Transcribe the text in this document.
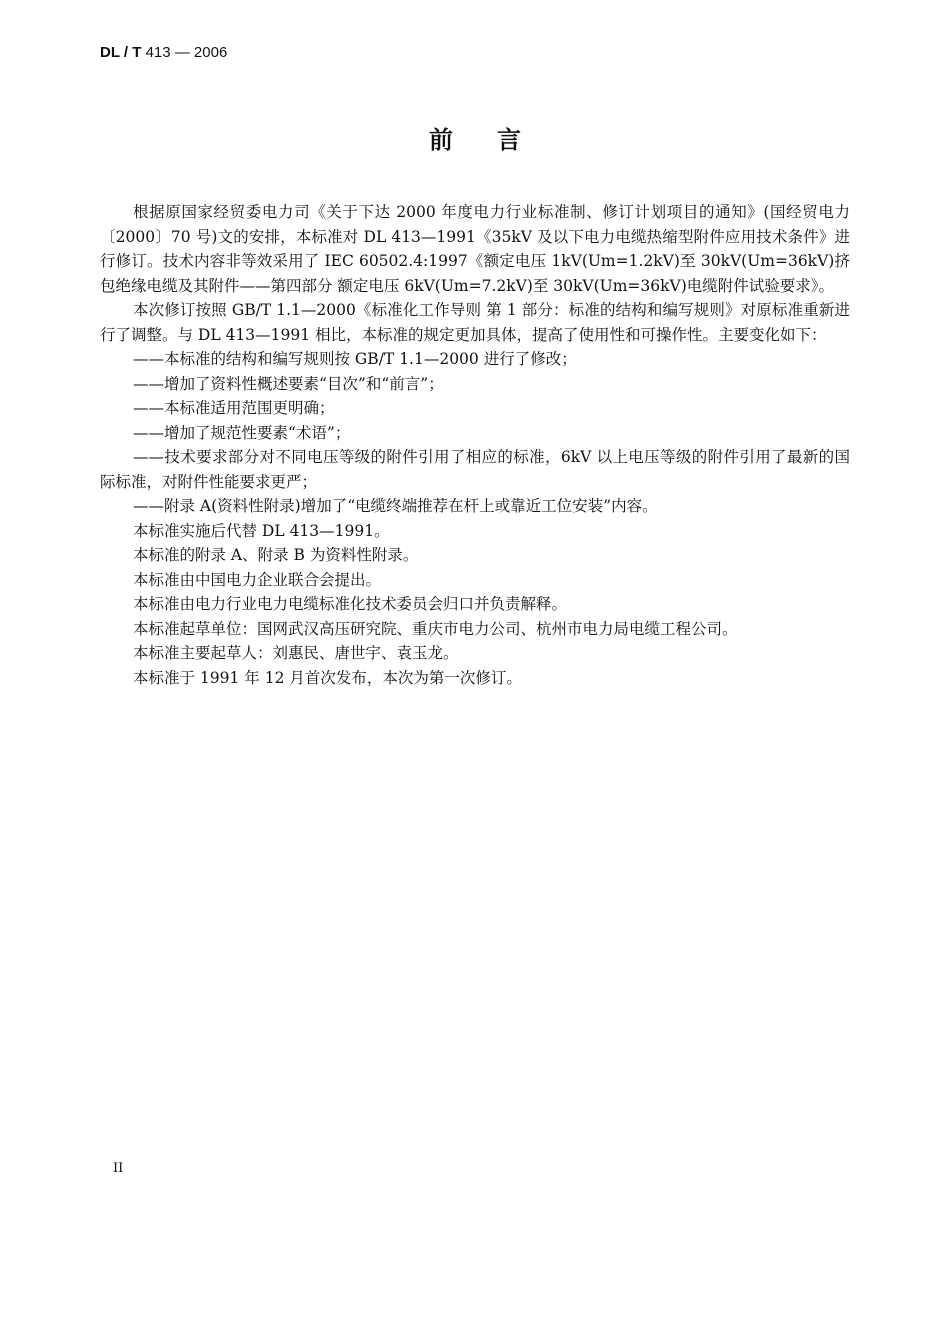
DL / T 413 — 2006
前言

根据原国家经贸委电力司《关于下达 2000 年度电力行业标准制、修订计划项目的通知》(国经贸电力〔2000〕70 号)文的安排，本标准对 DL 413—1991《35kV 及以下电力电缆热缩型附件应用技术条件》进行修订。技术内容非等效采用了 IEC 60502.4:1997《额定电压 1kV(Um=1.2kV)至 30kV(Um=36kV)挤包绝缘电缆及其附件——第四部分 额定电压 6kV(Um=7.2kV)至 30kV(Um=36kV)电缆附件试验要求》。

本次修订按照 GB/T 1.1—2000《标准化工作导则 第 1 部分：标准的结构和编写规则》对原标准重新进行了调整。与 DL 413—1991 相比，本标准的规定更加具体，提高了使用性和可操作性。主要变化如下：

——本标准的结构和编写规则按 GB/T 1.1—2000 进行了修改；

——增加了资料性概述要素“目次”和“前言”；

——本标准适用范围更明确；

——增加了规范性要素“术语”；

——技术要求部分对不同电压等级的附件引用了相应的标准，6kV 以上电压等级的附件引用了最新的国际标准，对附件性能要求更严；

——附录 A(资料性附录)增加了“电缆终端推荐在杆上或靠近工位安装”内容。

本标准实施后代替 DL 413—1991。

本标准的附录 A、附录 B 为资料性附录。

本标准由中国电力企业联合会提出。

本标准由电力行业电力电缆标准化技术委员会归口并负责解释。

本标准起草单位：国网武汉高压研究院、重庆市电力公司、杭州市电力局电缆工程公司。

本标准主要起草人：刘惠民、唐世宇、袁玉龙。

本标准于 1991 年 12 月首次发布，本次为第一次修订。

II
